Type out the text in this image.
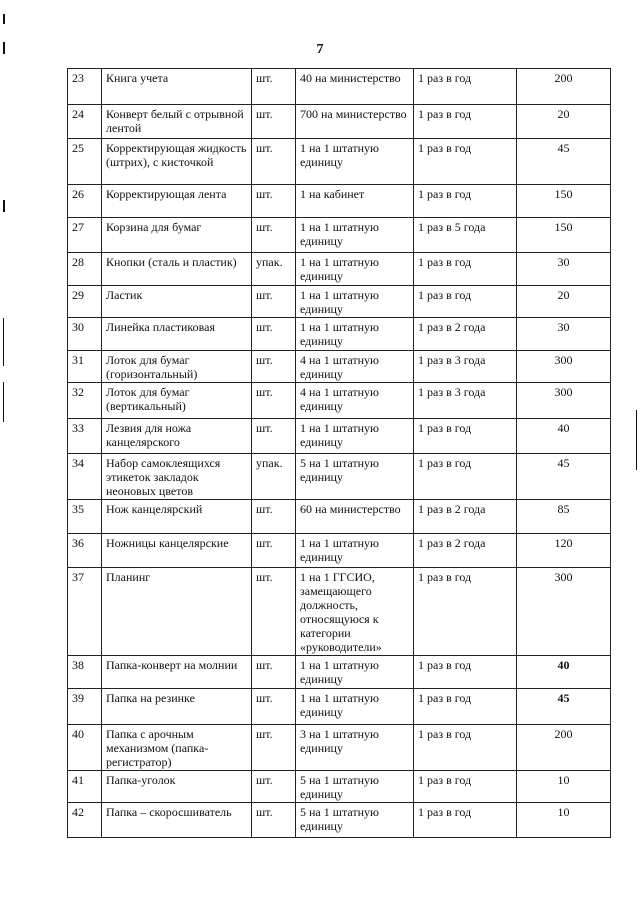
7
23	Книга учета	шт.	40 на министерство	1 раз в год	200
24	Конверт белый с отрывной лентой	шт.	700 на министерство	1 раз в год	20
25	Корректирующая жидкость (штрих), с кисточкой	шт.	1 на 1 штатную единицу	1 раз в год	45
26	Корректирующая лента	шт.	1 на кабинет	1 раз в год	150
27	Корзина для бумаг	шт.	1 на 1 штатную единицу	1 раз в 5 года	150
28	Кнопки (сталь и пластик)	упак.	1 на 1 штатную единицу	1 раз в год	30
29	Ластик	шт.	1 на 1 штатную единицу	1 раз в год	20
30	Линейка пластиковая	шт.	1 на 1 штатную единицу	1 раз в 2 года	30
31	Лоток для бумаг (горизонтальный)	шт.	4 на 1 штатную единицу	1 раз в 3 года	300
32	Лоток для бумаг (вертикальный)	шт.	4 на 1 штатную единицу	1 раз в 3 года	300
33	Лезвия для ножа канцелярского	шт.	1 на 1 штатную единицу	1 раз в год	40
34	Набор самоклеящихся этикеток закладок неоновых цветов	упак.	5 на 1 штатную единицу	1 раз в год	45
35	Нож канцелярский	шт.	60 на министерство	1 раз в 2 года	85
36	Ножницы канцелярские	шт.	1 на 1 штатную единицу	1 раз в 2 года	120
37	Планинг	шт.	1 на 1 ГГСИО, замещающего должность, относящуюся к категории «руководители»	1 раз в год	300
38	Папка-конверт на молнии	шт.	1 на 1 штатную единицу	1 раз в год	40
39	Папка на резинке	шт.	1 на 1 штатную единицу	1 раз в год	45
40	Папка с арочным механизмом (папка-регистратор)	шт.	3 на 1 штатную единицу	1 раз в год	200
41	Папка-уголок	шт.	5 на 1 штатную единицу	1 раз в год	10
42	Папка – скоросшиватель	шт.	5 на 1 штатную единицу	1 раз в год	10
